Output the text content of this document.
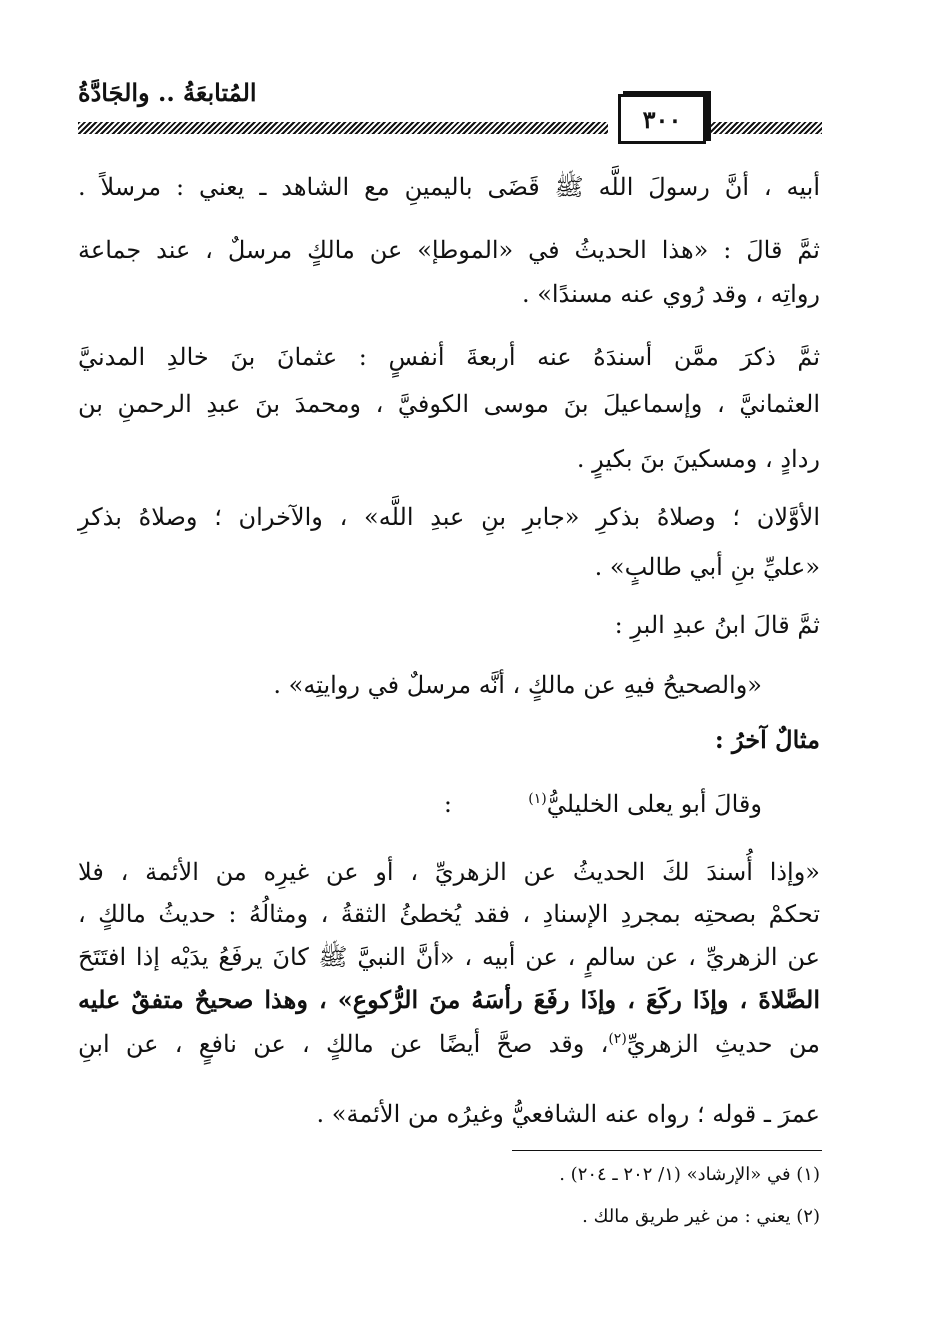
المُتابعَةُ .. والجَادَّةُ
٣٠٠
أبيه ، أنَّ رسولَ اللَّه ﷺ قَضَى باليمينِ مع الشاهد ـ يعني : مرسلاً .
ثمَّ قالَ : «هذا الحديثُ في «الموطإ» عن مالكٍ مرسلٌ ، عند جماعة
رواتِه ، وقد رُوي عنه مسندًا» .
ثمَّ ذكرَ ممَّن أسندَهُ عنه أربعةَ أنفسٍ : عثمانَ بنَ خالدِ المدنيَّ
العثمانيَّ ، وإسماعيلَ بنَ موسى الكوفيَّ ، ومحمدَ بنَ عبدِ الرحمنِ بن
ردادٍ ، ومسكينَ بنَ بكيرٍ .
الأوَّلان ؛ وصلاهُ بذكرِ «جابرِ بنِ عبدِ اللَّه» ، والآخران ؛ وصلاهُ بذكرِ
«عليِّ بنِ أبي طالبٍ» .
ثمَّ قالَ ابنُ عبدِ البرِ :
«والصحيحُ فيهِ عن مالكٍ ، أنَّه مرسلٌ في روايتِه» .
مثالٌ آخرُ :
وقالَ أبو يعلى الخليليُّ$^{(١)}$
:
«وإذا أُسندَ لكَ الحديثُ عن الزهريِّ ، أو عن غيرِه من الأئمة ، فلا
تحكمْ بصحتِه بمجردِ الإسنادِ ، فقد يُخطئُ الثقةُ ، ومثالُهُ : حديثُ مالكٍ ،
عن الزهريِّ ، عن سالمٍ ، عن أبيه ، «أنَّ النبيَّ ﷺ كانَ يرفَعُ يدَيْه إذا افتَتَحَ
الصَّلاةَ ، وإذَا ركَعَ ، وإذَا رفَعَ رأسَهُ منَ الرُّكوعِ» ، وهذا صحيحٌ متفقٌ عليه
من حديثِ الزهريِّ$^{(٢)}$، وقد صحَّ أيضًا عن مالكٍ ، عن نافعٍ ، عن ابنِ
عمرَ ـ قوله ؛ رواه عنه الشافعيُّ وغيرُه من الأئمة» .
(١) في «الإرشاد» (١/ ٢٠٢ ـ ٢٠٤) .
(٢) يعني : من غير طريق مالك .
